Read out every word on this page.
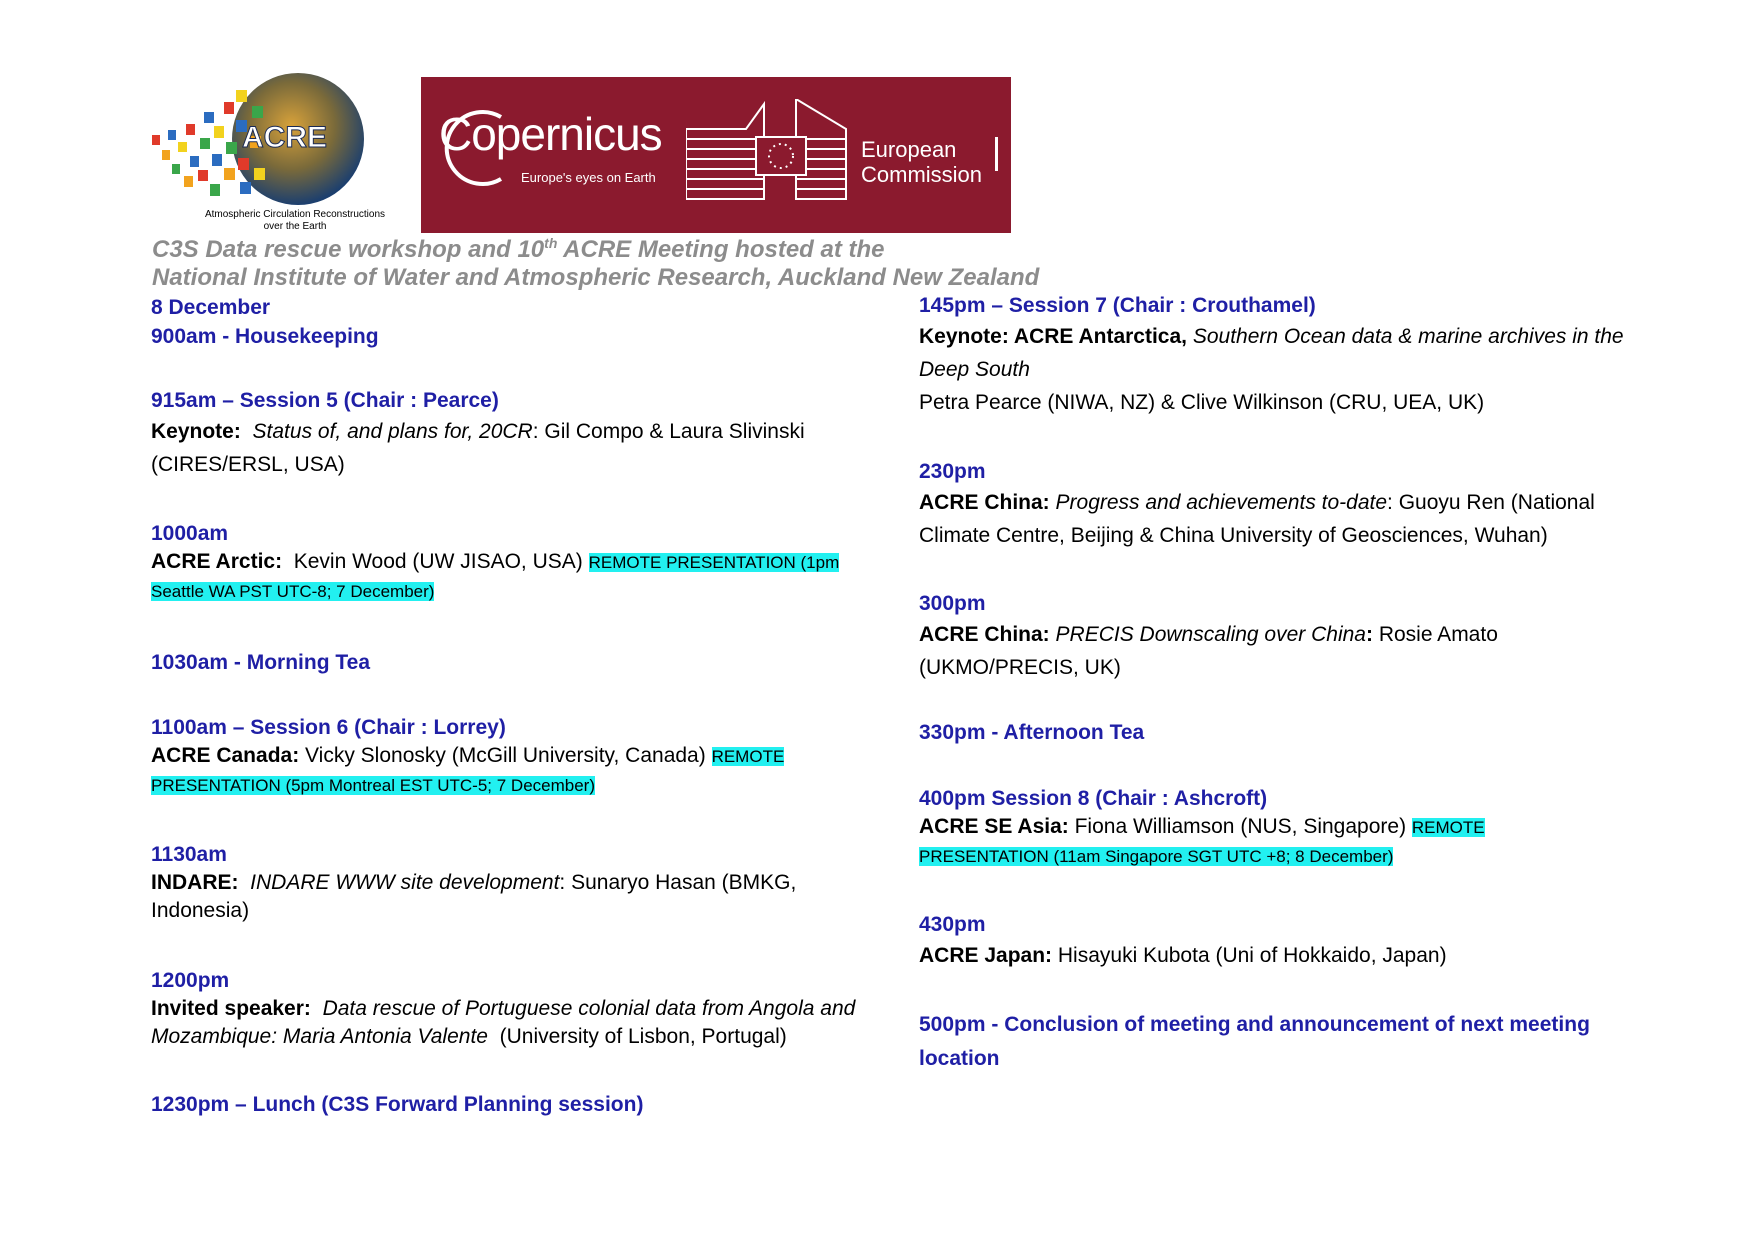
ACRE
Atmospheric Circulation Reconstructions
over the Earth
Copernicus
Europe's eyes on Earth
European
Commission
C3S Data rescue workshop and 10th ACRE Meeting hosted at the
National Institute of Water and Atmospheric Research, Auckland New Zealand

8 December

900am - Housekeeping

915am – Session 5 (Chair : Pearce)

Keynote: Status of, and plans for, 20CR: Gil Compo & Laura Slivinski
(CIRES/ERSL, USA)

1000am

ACRE Arctic: Kevin Wood (UW JISAO, USA) REMOTE PRESENTATION (1pm
Seattle WA PST UTC-8; 7 December)

1030am - Morning Tea

1100am – Session 6 (Chair : Lorrey)

ACRE Canada: Vicky Slonosky (McGill University, Canada) REMOTE
PRESENTATION (5pm Montreal EST UTC-5; 7 December)

1130am

INDARE: INDARE WWW site development: Sunaryo Hasan (BMKG,
Indonesia)

1200pm

Invited speaker: Data rescue of Portuguese colonial data from Angola and
Mozambique: Maria Antonia Valente (University of Lisbon, Portugal)

1230pm – Lunch (C3S Forward Planning session)

145pm – Session 7 (Chair : Crouthamel)

Keynote: ACRE Antarctica, Southern Ocean data & marine archives in the
Deep South
Petra Pearce (NIWA, NZ) & Clive Wilkinson (CRU, UEA, UK)

230pm

ACRE China: Progress and achievements to-date: Guoyu Ren (National
Climate Centre, Beijing & China University of Geosciences, Wuhan)

300pm

ACRE China: PRECIS Downscaling over China: Rosie Amato
(UKMO/PRECIS, UK)

330pm - Afternoon Tea

400pm Session 8 (Chair : Ashcroft)

ACRE SE Asia: Fiona Williamson (NUS, Singapore) REMOTE
PRESENTATION (11am Singapore SGT UTC +8; 8 December)

430pm

ACRE Japan: Hisayuki Kubota (Uni of Hokkaido, Japan)

500pm - Conclusion of meeting and announcement of next meeting

location
